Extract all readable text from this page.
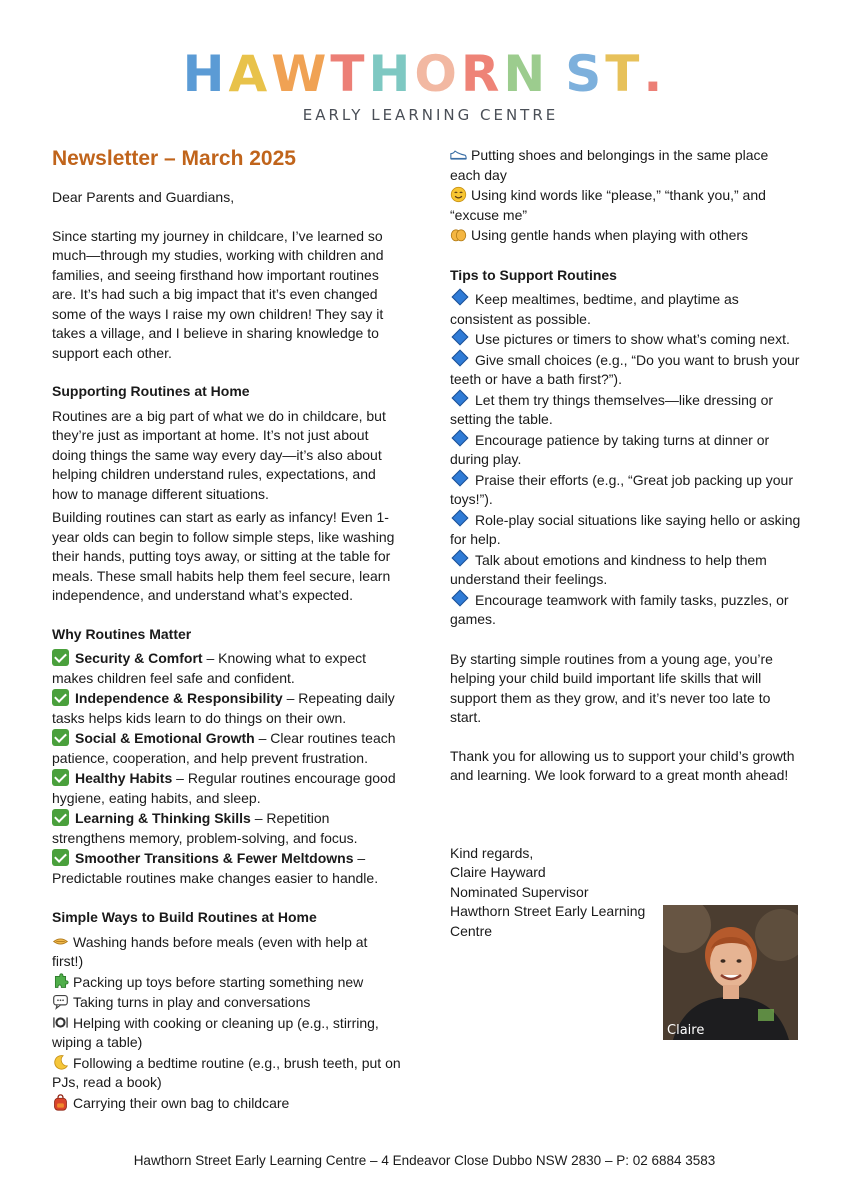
HAWTHORN ST.
EARLY LEARNING CENTRE
Newsletter – March 2025

Dear Parents and Guardians,

Since starting my journey in childcare, I’ve learned so much—through my studies, working with children and families, and seeing firsthand how important routines are. It’s had such a big impact that it’s even changed some of the ways I raise my own children! They say it takes a village, and I believe in sharing knowledge to support each other.

Supporting Routines at Home

Routines are a big part of what we do in childcare, but they’re just as important at home. It’s not just about doing things the same way every day—it’s also about helping children understand rules, expectations, and how to manage different situations.

Building routines can start as early as infancy! Even 1-year olds can begin to follow simple steps, like washing their hands, putting toys away, or sitting at the table for meals. These small habits help them feel secure, learn independence, and understand what’s expected.

Why Routines Matter
Security & Comfort – Knowing what to expect makes children feel safe and confident.
Independence & Responsibility – Repeating daily tasks helps kids learn to do things on their own.
Social & Emotional Growth – Clear routines teach patience, cooperation, and help prevent frustration.
Healthy Habits – Regular routines encourage good hygiene, eating habits, and sleep.
Learning & Thinking Skills – Repetition strengthens memory, problem-solving, and focus.
Smoother Transitions & Fewer Meltdowns – Predictable routines make changes easier to handle.
Simple Ways to Build Routines at Home
Washing hands before meals (even with help at first!)
Packing up toys before starting something new
Taking turns in play and conversations
Helping with cooking or cleaning up (e.g., stirring, wiping a table)
Following a bedtime routine (e.g., brush teeth, put on PJs, read a book)
Carrying their own bag to childcare
Putting shoes and belongings in the same place each day
Using kind words like “please,” “thank you,” and “excuse me”
Using gentle hands when playing with others
Tips to Support Routines
Keep mealtimes, bedtime, and playtime as consistent as possible.
Use pictures or timers to show what’s coming next.
Give small choices (e.g., “Do you want to brush your teeth or have a bath first?”).
Let them try things themselves—like dressing or setting the table.
Encourage patience by taking turns at dinner or during play.
Praise their efforts (e.g., “Great job packing up your toys!”).
Role-play social situations like saying hello or asking for help.
Talk about emotions and kindness to help them understand their feelings.
Encourage teamwork with family tasks, puzzles, or games.

By starting simple routines from a young age, you’re helping your child build important life skills that will support them as they grow, and it’s never too late to start.

Thank you for allowing us to support your child’s growth and learning. We look forward to a great month ahead!

Kind regards,

Claire Hayward

Nominated Supervisor

Hawthorn Street Early Learning Centre

Claire
Hawthorn Street Early Learning Centre – 4 Endeavor Close Dubbo NSW 2830 – P: 02 6884 3583
